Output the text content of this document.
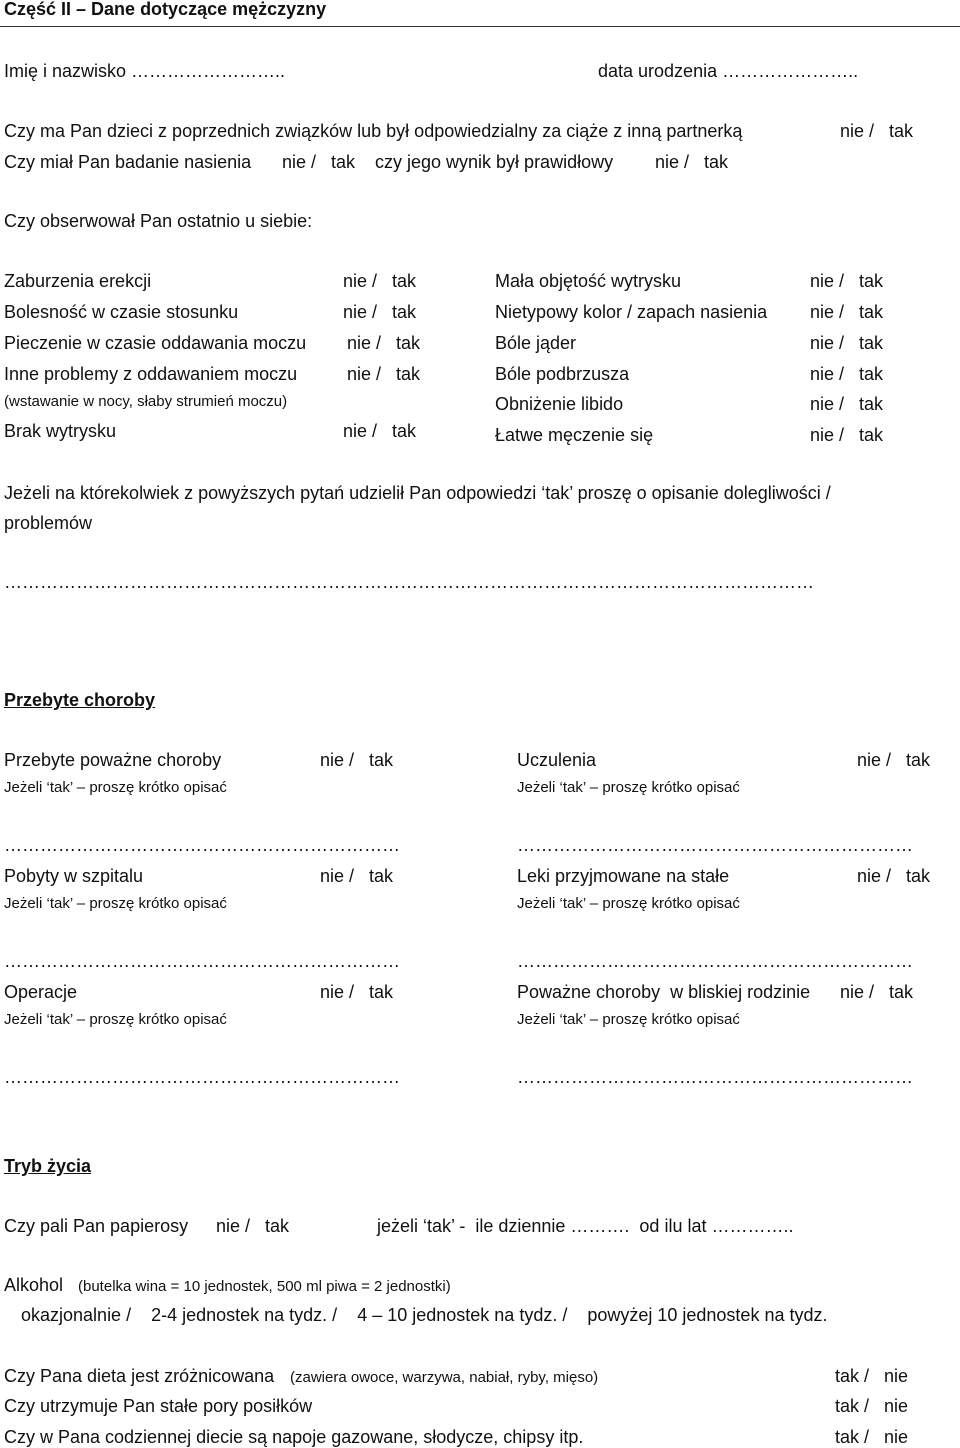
Część II – Dane dotyczące mężczyzny
Imię i nazwisko ……………………..	data urodzenia …………………..
Czy ma Pan dzieci z poprzednich związków lub był odpowiedzialny za ciąże z inną partnerką	nie /   tak
Czy miał Pan badanie nasienia nie /   tak czy jego wynik był prawidłowy nie /   tak
Czy obserwował Pan ostatnio u siebie:
Zaburzenia erekcji	nie /   tak
Bolesność w czasie stosunku	nie /   tak
Pieczenie w czasie oddawania moczu nie /   tak
Inne problemy z oddawaniem moczu	nie /   tak
(wstawanie w nocy, słaby strumień moczu)
Brak wytrysku	nie /   tak
Mała objętość wytrysku	nie /   tak
Nietypowy kolor / zapach nasienia nie /   tak
Bóle jąder	nie /   tak
Bóle podbrzusza	nie /   tak
Obniżenie libido	nie /   tak
Łatwe męczenie się	nie /   tak
Jeżeli na którekolwiek z powyższych pytań udzielił Pan odpowiedzi ‘tak’ proszę o opisanie dolegliwości /
problemów
………………………………………………………………………………………………………………………
Przebyte choroby
Przebyte poważne choroby	nie /   tak	Uczulenia	nie /   tak
Jeżeli ‘tak’ – proszę krótko opisać	Jeżeli ‘tak’ – proszę krótko opisać
…………………………………………………………	…………………………………………………………
Pobyty w szpitalu	nie /   tak	Leki przyjmowane na stałe	nie /   tak
Jeżeli ‘tak’ – proszę krótko opisać	Jeżeli ‘tak’ – proszę krótko opisać
…………………………………………………………	…………………………………………………………
Operacje	nie /   tak	Poważne choroby  w bliskiej rodzinie nie /   tak
Jeżeli ‘tak’ – proszę krótko opisać	Jeżeli ‘tak’ – proszę krótko opisać
…………………………………………………………	…………………………………………………………
Tryb życia
Czy pali Pan papierosy nie /   tak	jeżeli ‘tak’ -  ile dziennie ……….  od ilu lat …………..
Alkohol (butelka wina = 10 jednostek, 500 ml piwa = 2 jednostki)
okazjonalnie /    2-4 jednostek na tydz. /    4 – 10 jednostek na tydz. /    powyżej 10 jednostek na tydz.
Czy Pana dieta jest zróżnicowana (zawiera owoce, warzywa, nabiał, ryby, mięso)	tak /   nie
Czy utrzymuje Pan stałe pory posiłków	tak /   nie
Czy w Pana codziennej diecie są napoje gazowane, słodycze, chipsy itp.	tak /   nie
